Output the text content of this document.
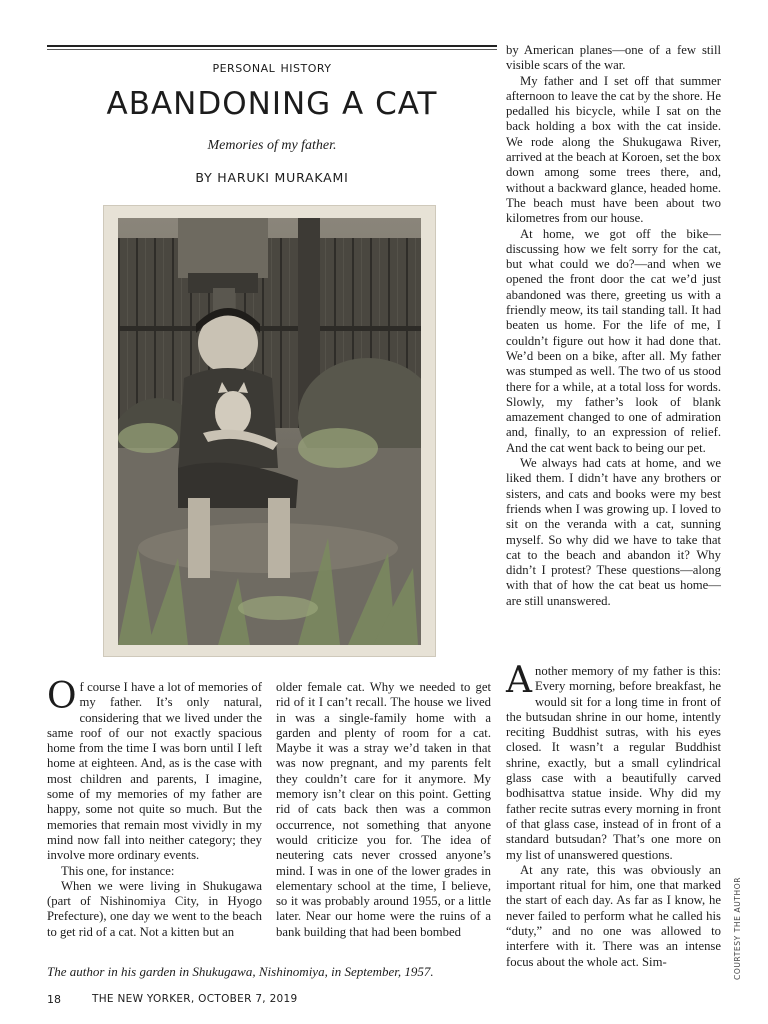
personal history
ABANDONING A CAT
Memories of my father.
BY HARUKI MURAKAMI

Of course I have a lot of memories of my father. It’s only natural, considering that we lived under the same roof of our not exactly spacious home from the time I was born until I left home at eighteen. And, as is the case with most children and parents, I imagine, some of my memories of my father are happy, some not quite so much. But the memories that remain most vividly in my mind now fall into neither category; they involve more ordinary events.

This one, for instance:

When we were living in Shukugawa (part of Nishinomiya City, in Hyogo Prefecture), one day we went to the beach to get rid of a cat. Not a kitten but an

older female cat. Why we needed to get rid of it I can’t recall. The house we lived in was a single-family home with a garden and plenty of room for a cat. Maybe it was a stray we’d taken in that was now pregnant, and my parents felt they couldn’t care for it anymore. My memory isn’t clear on this point. Getting rid of cats back then was a common occurrence, not something that anyone would criticize you for. The idea of neutering cats never crossed anyone’s mind. I was in one of the lower grades in elementary school at the time, I believe, so it was probably around 1955, or a little later. Near our home were the ruins of a bank building that had been bombed

by American planes—one of a few still visible scars of the war.

My father and I set off that summer afternoon to leave the cat by the shore. He pedalled his bicycle, while I sat on the back holding a box with the cat inside. We rode along the Shukugawa River, arrived at the beach at Koroen, set the box down among some trees there, and, without a backward glance, headed home. The beach must have been about two kilometres from our house.

At home, we got off the bike—discussing how we felt sorry for the cat, but what could we do?—and when we opened the front door the cat we’d just abandoned was there, greeting us with a friendly meow, its tail standing tall. It had beaten us home. For the life of me, I couldn’t figure out how it had done that. We’d been on a bike, after all. My father was stumped as well. The two of us stood there for a while, at a total loss for words. Slowly, my father’s look of blank amazement changed to one of admiration and, finally, to an expression of relief. And the cat went back to being our pet.

We always had cats at home, and we liked them. I didn’t have any brothers or sisters, and cats and books were my best friends when I was growing up. I loved to sit on the veranda with a cat, sunning myself. So why did we have to take that cat to the beach and abandon it? Why didn’t I protest? These questions—along with that of how the cat beat us home—are still unanswered.

Another memory of my father is this: Every morning, before breakfast, he would sit for a long time in front of the butsudan shrine in our home, intently reciting Buddhist sutras, with his eyes closed. It wasn’t a regular Buddhist shrine, exactly, but a small cylindrical glass case with a beautifully carved bodhisattva statue inside. Why did my father recite sutras every morning in front of that glass case, instead of in front of a standard butsudan? That’s one more on my list of unanswered questions.

At any rate, this was obviously an important ritual for him, one that marked the start of each day. As far as I know, he never failed to perform what he called his “duty,” and no one was allowed to interfere with it. There was an intense focus about the whole act. Sim-

The author in his garden in Shukugawa, Nishinomiya, in September, 1957.	COURTESY THE AUTHOR
18	THE NEW YORKER, OCTOBER 7, 2019
